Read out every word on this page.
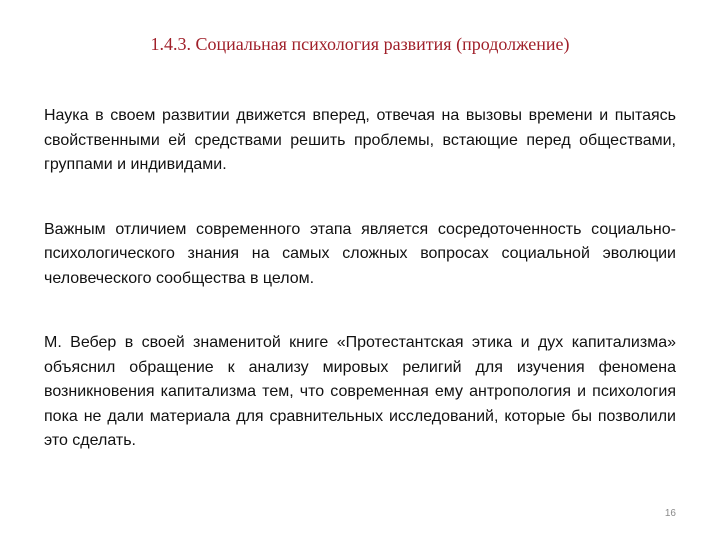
1.4.3. Социальная психология развития (продолжение)

Наука в своем развитии движется вперед, отвечая на вызовы времени и пытаясь свойственными ей средствами решить проблемы, встающие перед обществами, группами и индивидами.

Важным отличием современного этапа является сосредоточенность социально-психологического знания на самых сложных вопросах социальной эволюции человеческого сообщества в целом.

М. Вебер в своей знаменитой книге «Протестантская этика и дух капитализма» объяснил обращение к анализу мировых религий для изучения феномена возникновения капитализма тем, что современная ему антропология и психология пока не дали материала для сравнительных исследований, которые бы позволили это сделать.

16
